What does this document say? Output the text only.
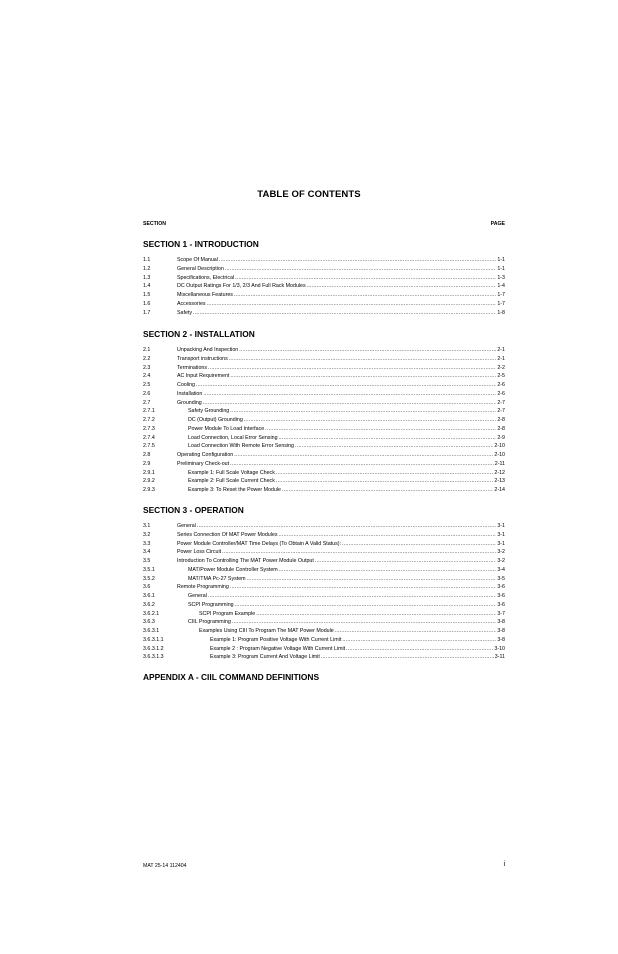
TABLE OF CONTENTS
SECTION	PAGE
SECTION 1 - INTRODUCTION
1.1	Scope Of Manual .....	1-1
1.2	General Description .....	1-1
1.3	Specifications, Electrical .....	1-3
1.4	DC Output Ratings For 1/3, 2/3 And Full Rack Modules .....	1-4
1.5	Miscellaneous Features .....	1-7
1.6	Accessories .....	1-7
1.7	Safety .....	1-8
SECTION 2 - INSTALLATION
2.1	Unpacking And Inspection .....	2-1
2.2	Transport instructions .....	2-1
2.3	Terminations .....	2-2
2.4	AC Input Requirement .....	2-5
2.5	Cooling .....	2-6
2.6	Installation .....	2-6
2.7	Grounding .....	2-7
2.7.1	Safety Grounding .....	2-7
2.7.2	DC (Output) Grounding .....	2-8
2.7.3	Power Module To Load Interface .....	2-8
2.7.4	Load Connection, Local Error Sensing .....	2-9
2.7.5	Load Connection With Remote Error Sensing .....	2-10
2.8	Operating Configuration .....	2-10
2.9	Preliminary Check-out .....	2-11
2.9.1	Example 1: Full Scale Voltage Check .....	2-12
2.9.2	Example 2: Full Scale Current Check .....	2-13
2.9.3	Example 3: To Reset the Power Module .....	2-14
SECTION 3 - OPERATION
3.1	General .....	3-1
3.2	Series Connection Of MAT Power Modules .....	3-1
3.3	Power Module Controller/MAT Time Delays (To Obtain A Valid Status): .....	3-1
3.4	Power Loss Circuit .....	3-2
3.5	Introduction To Controlling The MAT Power Module Output .....	3-2
3.5.1	MAT/Power Module Controller System .....	3-4
3.5.2	MAT/TMA Pc-27 System .....	3-5
3.6	Remote Programming .....	3-6
3.6.1	General .....	3-6
3.6.2	SCPI Programming .....	3-6
3.6.2.1	SCPI Program Example .....	3-7
3.6.3	CIIL Programming .....	3-8
3.6.3.1	Examples Using CIII To Program The MAT Power Module .....	3-8
3.6.3.1.1	Example 1: Program Positive Voltage With Current Limit .....	3-8
3.6.3.1.2	Example 2 : Program Negative Voltage With Current Limit .....	3-10
3.6.3.1.3	Example 3: Program Current And Voltage Limit .....	3-11
APPENDIX A - CIIL COMMAND DEFINITIONS
MAT 25-14 112404	i
